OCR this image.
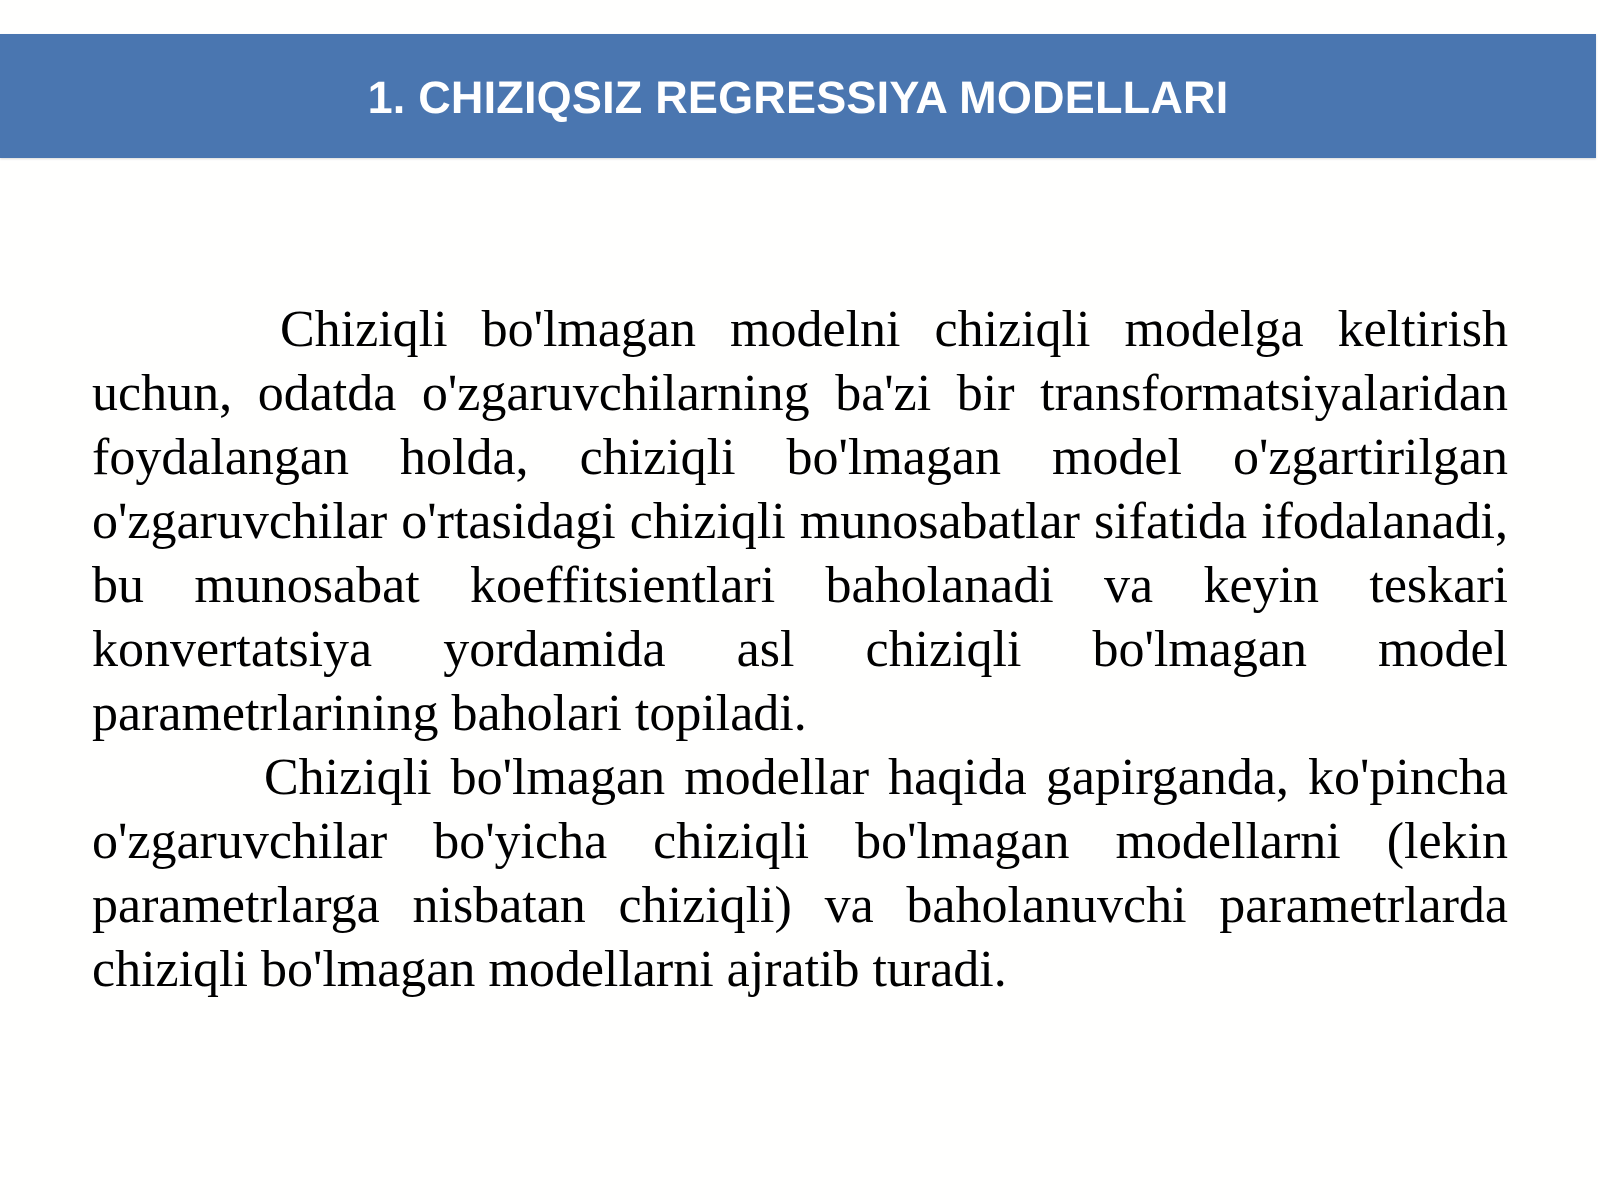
1. CHIZIQSIZ REGRESSIYA MODELLARI

Chiziqli bo'lmagan modelni chiziqli modelga keltirish uchun, odatda o'zgaruvchilarning ba'zi bir transformatsiyalaridan foydalangan holda, chiziqli bo'lmagan model o'zgartirilgan o'zgaruvchilar o'rtasidagi chiziqli munosabatlar sifatida ifodalanadi, bu munosabat koeffitsientlari baholanadi va keyin teskari konvertatsiya yordamida asl chiziqli bo'lmagan model parametrlarining baholari topiladi.

Chiziqli bo'lmagan modellar haqida gapirganda, ko'pincha o'zgaruvchilar bo'yicha chiziqli bo'lmagan modellarni (lekin parametrlarga nisbatan chiziqli) va baholanuvchi parametrlarda chiziqli bo'lmagan modellarni ajratib turadi.
